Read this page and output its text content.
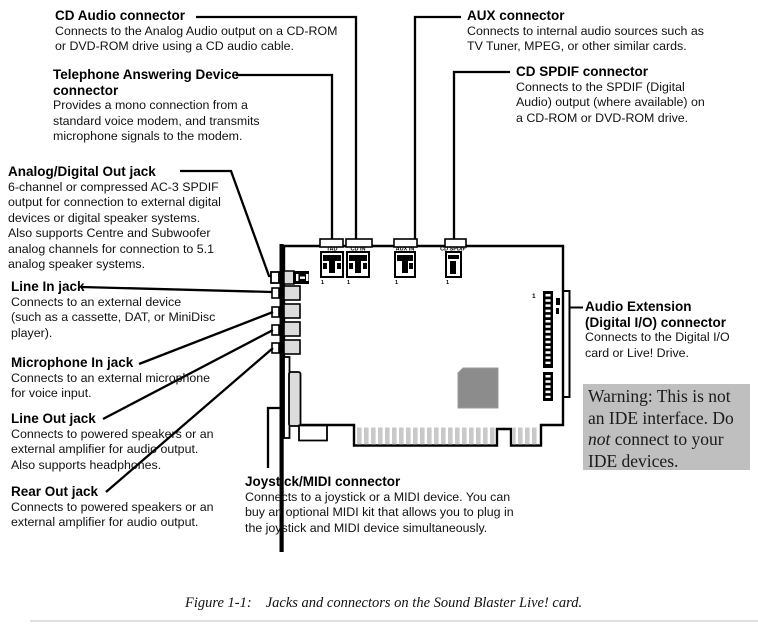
TAD
1
CD IN
1
AUX IN
1
CD SPDIF
1
1
CD Audio connector
Connects to the Analog Audio output on a CD-ROM
or DVD-ROM drive using a CD audio cable.
Telephone Answering Device
connector
Provides a mono connection from a
standard voice modem, and transmits
microphone signals to the modem.
Analog/Digital Out jack
6-channel or compressed AC-3 SPDIF
output for connection to external digital
devices or digital speaker systems.
Also supports Centre and Subwoofer
analog channels for connection to 5.1
analog speaker systems.
Line In jack
Connects to an external device
(such as a cassette, DAT, or MiniDisc
player).
Microphone In jack
Connects to an external microphone
for voice input.
Line Out jack
Connects to powered speakers or an
external amplifier for audio output.
Also supports headphones.
Rear Out jack
Connects to powered speakers or an
external amplifier for audio output.
AUX connector
Connects to internal audio sources such as
TV Tuner, MPEG, or other similar cards.
CD SPDIF connector
Connects to the SPDIF (Digital
Audio) output (where available) on
a CD-ROM or DVD-ROM drive.
Audio Extension
(Digital I/O) connector
Connects to the Digital I/O
card or Live! Drive.
Joystick/MIDI connector
Connects to a joystick or a MIDI device. You can
buy an optional MIDI kit that allows you to plug in
the joystick and MIDI device simultaneously.
Warning: This is not
an IDE interface. Do
not connect to your
IDE devices.
Figure 1-1: Jacks and connectors on the Sound Blaster Live! card.
